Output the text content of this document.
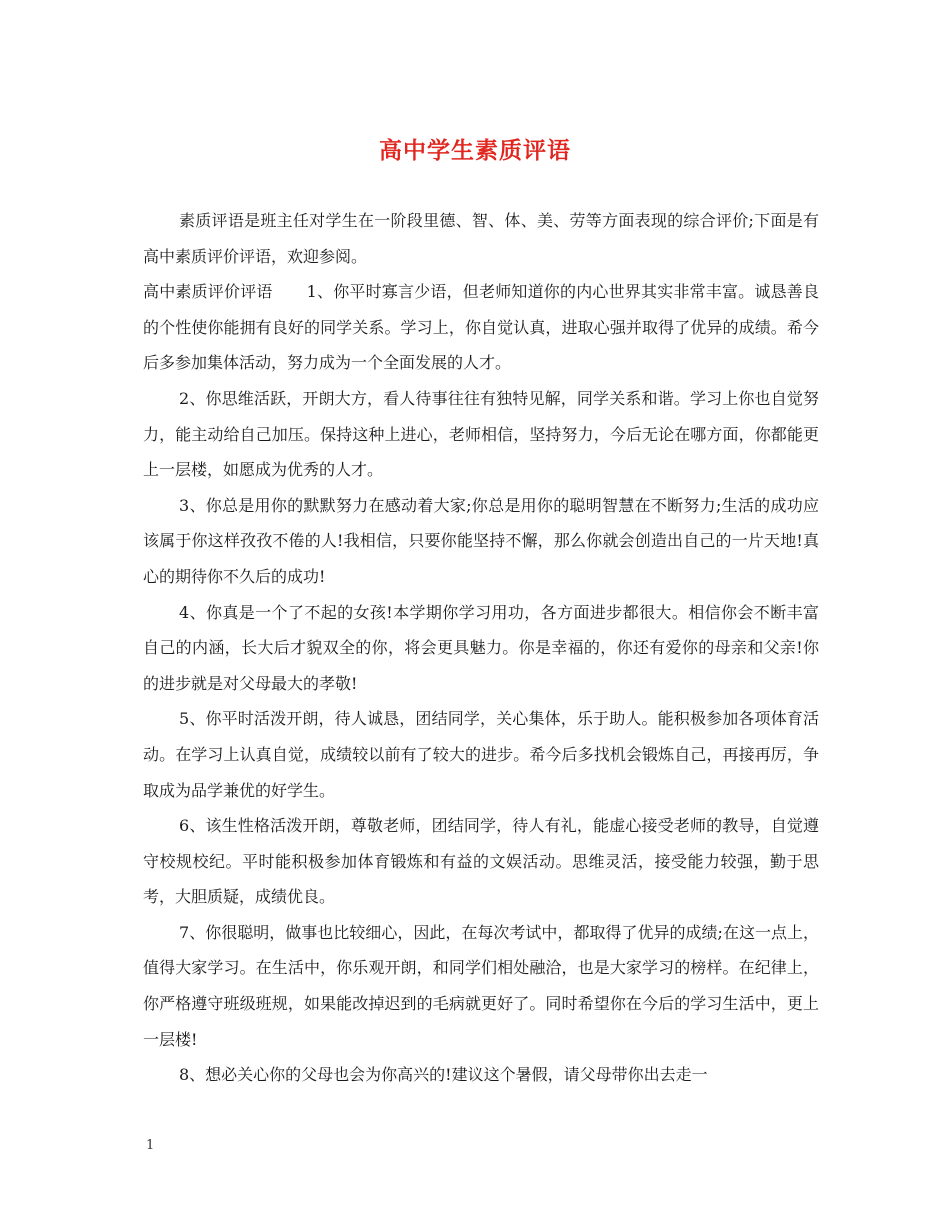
高中学生素质评语

素质评语是班主任对学生在一阶段里德、智、体、美、劳等方面表现的综合评价;下面是有高中素质评价评语，欢迎参阅。

高中素质评价评语 1、你平时寡言少语，但老师知道你的内心世界其实非常丰富。诚恳善良的个性使你能拥有良好的同学关系。学习上，你自觉认真，进取心强并取得了优异的成绩。希今后多参加集体活动，努力成为一个全面发展的人才。

2、你思维活跃，开朗大方，看人待事往往有独特见解，同学关系和谐。学习上你也自觉努力，能主动给自己加压。保持这种上进心，老师相信，坚持努力，今后无论在哪方面，你都能更上一层楼，如愿成为优秀的人才。

3、你总是用你的默默努力在感动着大家;你总是用你的聪明智慧在不断努力;生活的成功应该属于你这样孜孜不倦的人!我相信，只要你能坚持不懈，那么你就会创造出自己的一片天地!真心的期待你不久后的成功!

4、你真是一个了不起的女孩!本学期你学习用功，各方面进步都很大。相信你会不断丰富自己的内涵，长大后才貌双全的你，将会更具魅力。你是幸福的，你还有爱你的母亲和父亲!你的进步就是对父母最大的孝敬!

5、你平时活泼开朗，待人诚恳，团结同学，关心集体，乐于助人。能积极参加各项体育活动。在学习上认真自觉，成绩较以前有了较大的进步。希今后多找机会锻炼自己，再接再厉，争取成为品学兼优的好学生。

6、该生性格活泼开朗，尊敬老师，团结同学，待人有礼，能虚心接受老师的教导，自觉遵守校规校纪。平时能积极参加体育锻炼和有益的文娱活动。思维灵活，接受能力较强，勤于思考，大胆质疑，成绩优良。

7、你很聪明，做事也比较细心，因此，在每次考试中，都取得了优异的成绩;在这一点上，值得大家学习。在生活中，你乐观开朗，和同学们相处融洽，也是大家学习的榜样。在纪律上，你严格遵守班级班规，如果能改掉迟到的毛病就更好了。同时希望你在今后的学习生活中，更上一层楼!

8、想必关心你的父母也会为你高兴的!建议这个暑假，请父母带你出去走一

1
